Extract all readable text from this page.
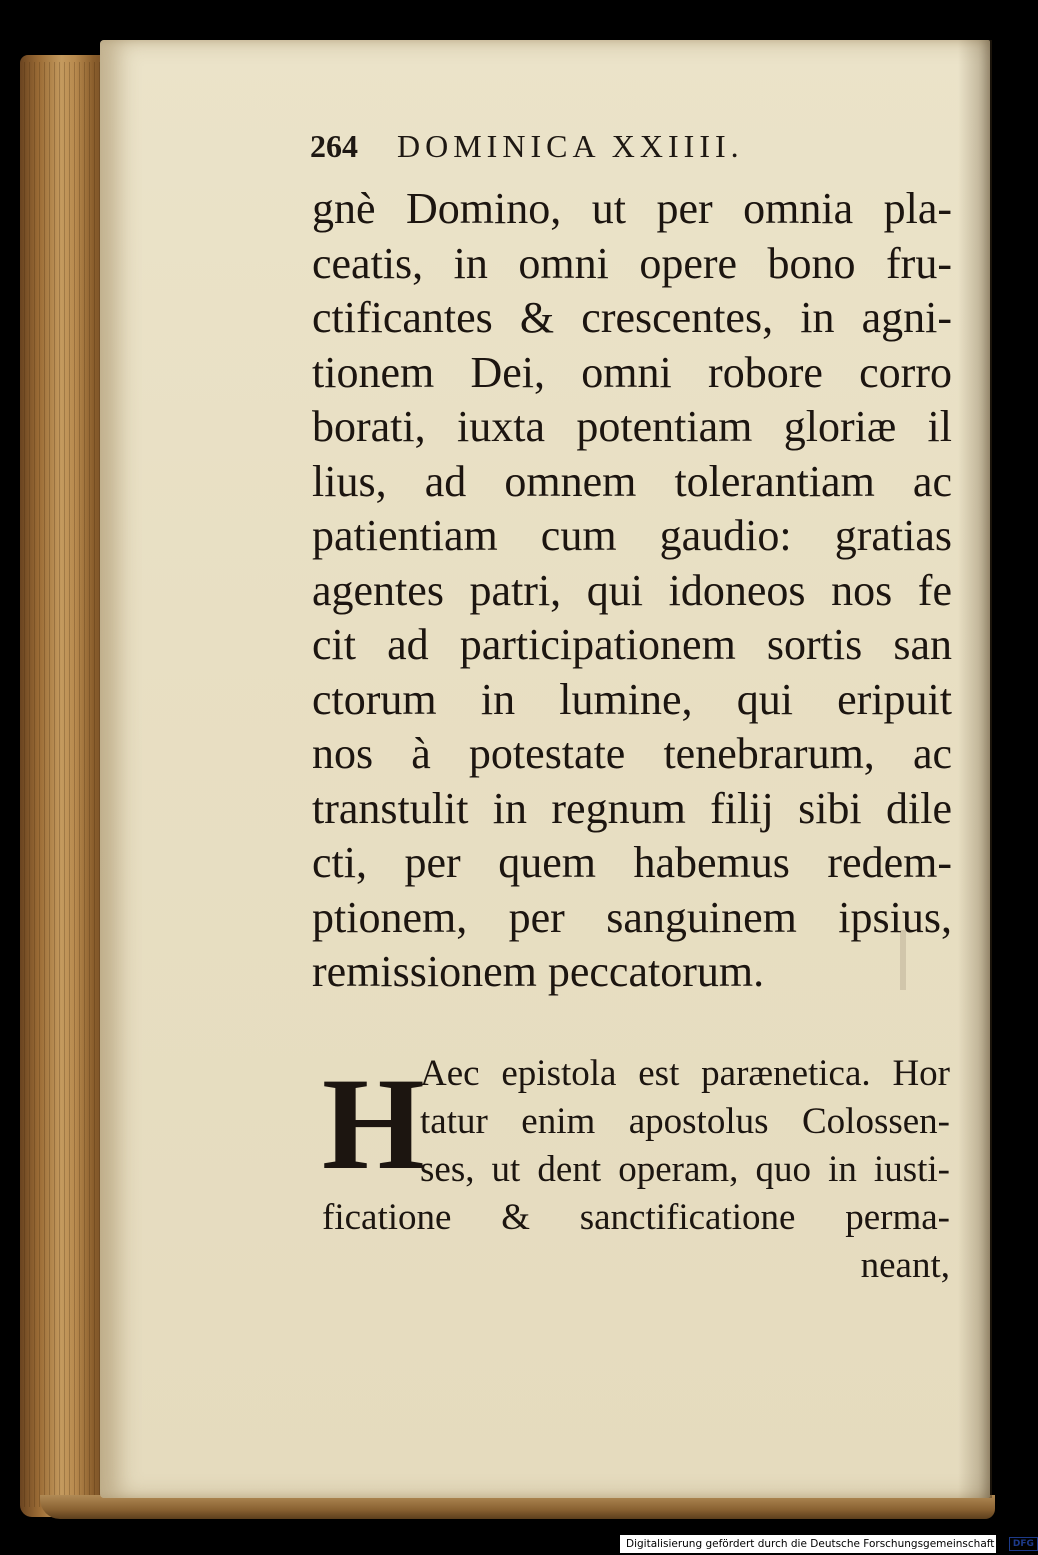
264 DOMINICA XXIIII.
gnè Domino, ut per omnia pla-
ceatis, in omni opere bono fru-
ctificantes & crescentes, in agni-
tionem Dei, omni robore corro
borati, iuxta potentiam gloriæ il
lius, ad omnem tolerantiam ac
patientiam cum gaudio: gratias
agentes patri, qui idoneos nos fe
cit ad participationem sortis san
ctorum in lumine, qui eripuit
nos à potestate tenebrarum, ac
transtulit in regnum filij sibi dile
cti, per quem habemus redem-
ptionem, per sanguinem ipsius,
remissionem peccatorum.
H
Aec epistola est parænetica. Hor
tatur enim apostolus Colossen-
ses, ut dent operam, quo in iusti-
ficatione & sanctificatione perma-
neant,
Digitalisierung gefördert durch die Deutsche Forschungsgemeinschaft - DFG
